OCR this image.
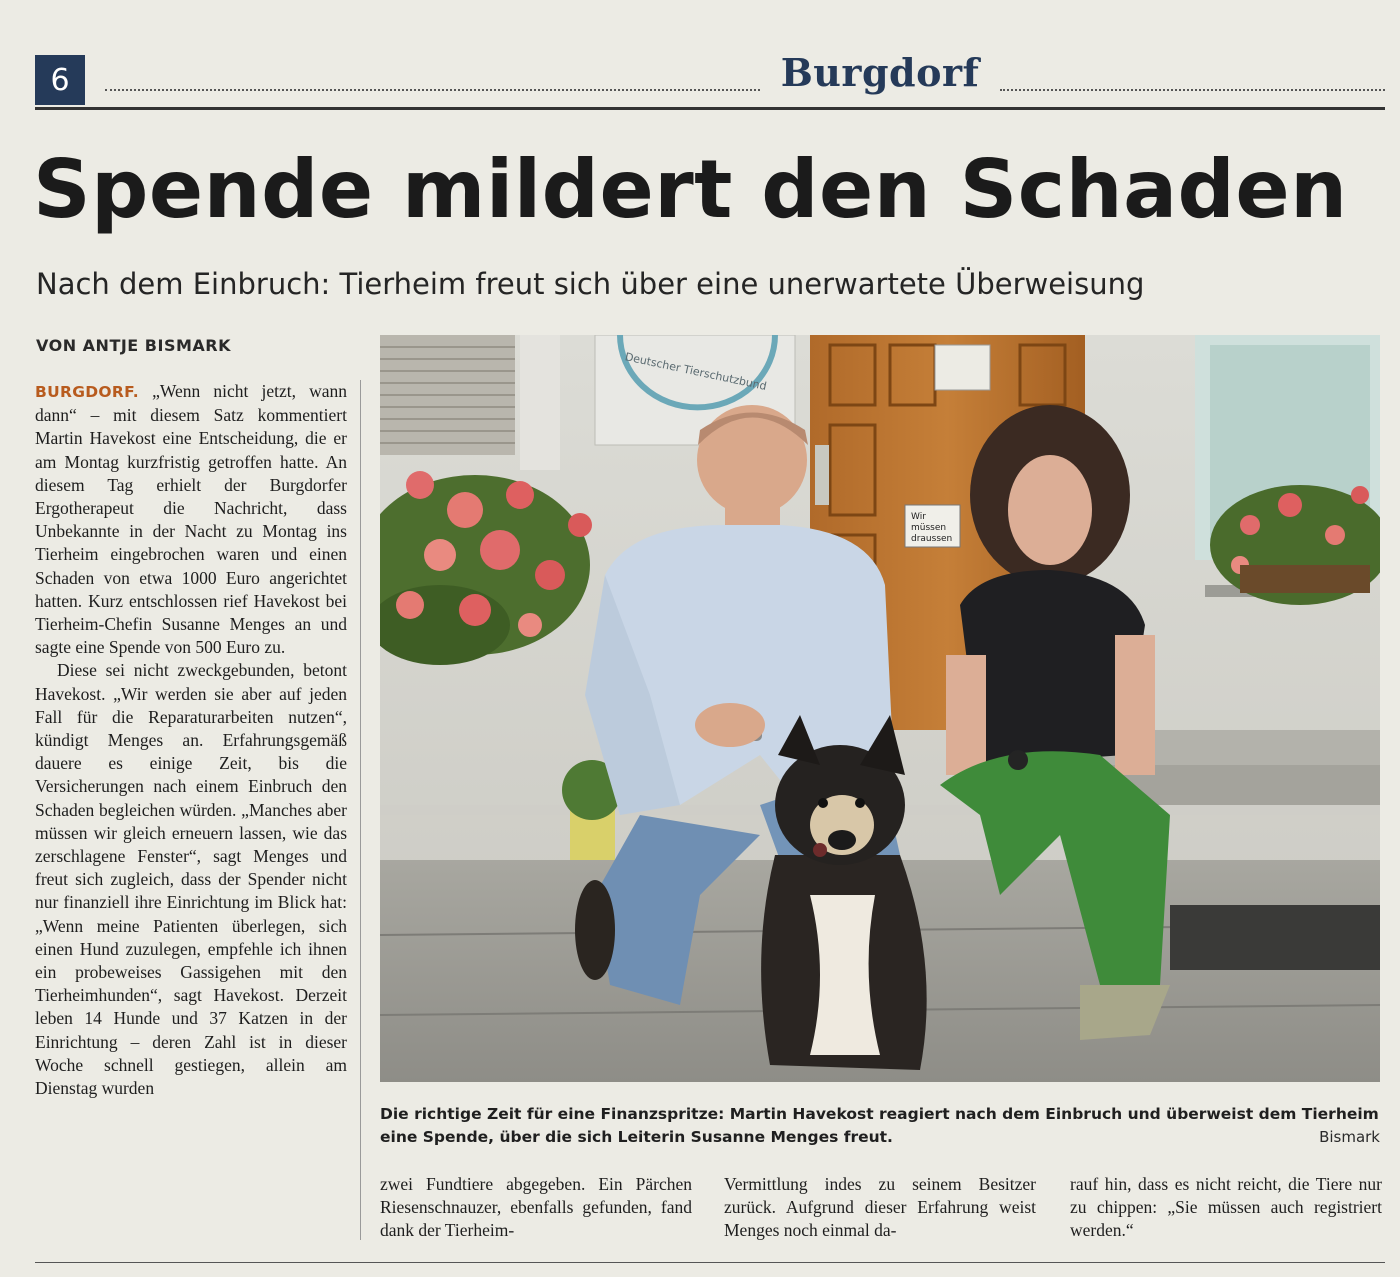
6	Burgdorf
Spende mildert den Schaden
Nach dem Einbruch: Tierheim freut sich über eine unerwartete Überweisung
VON ANTJE BISMARK

BURGDORF. „Wenn nicht jetzt, wann dann“ – mit diesem Satz kommentiert Martin Havekost eine Entscheidung, die er am Montag kurzfristig getroffen hatte. An diesem Tag erhielt der Burgdorfer Ergotherapeut die Nachricht, dass Unbekannte in der Nacht zu Montag ins Tierheim eingebrochen waren und einen Schaden von etwa 1000 Euro angerichtet hatten. Kurz entschlossen rief Havekost bei Tierheim-Chefin Susanne Menges an und sagte eine Spende von 500 Euro zu.

Diese sei nicht zweckgebunden, betont Havekost. „Wir werden sie aber auf jeden Fall für die Reparaturarbeiten nutzen“, kündigt Menges an. Erfahrungsgemäß dauere es einige Zeit, bis die Versicherungen nach einem Einbruch den Schaden begleichen würden. „Manches aber müssen wir gleich erneuern lassen, wie das zerschlagene Fenster“, sagt Menges und freut sich zugleich, dass der Spender nicht nur finanziell ihre Einrichtung im Blick hat: „Wenn meine Patienten überlegen, sich einen Hund zuzulegen, empfehle ich ihnen ein probeweises Gassigehen mit den Tierheimhunden“, sagt Havekost. Derzeit leben 14 Hunde und 37 Katzen in der Einrichtung – deren Zahl ist in dieser Woche schnell gestiegen, allein am Dienstag wurden

Deutscher Tierschutzbund
Wir
müssen
draussen
Die richtige Zeit für eine Finanzspritze: Martin Havekost reagiert nach dem Einbruch und überweist dem Tierheim eine Spende, über die sich Leiterin Susanne Menges freut.	Bismark

zwei Fundtiere abgegeben. Ein Pärchen Riesenschnauzer, ebenfalls gefunden, fand dank der Tierheim-

Vermittlung indes zu seinem Besitzer zurück. Aufgrund dieser Erfahrung weist Menges noch einmal da-

rauf hin, dass es nicht reicht, die Tiere nur zu chippen: „Sie müssen auch registriert werden.“
